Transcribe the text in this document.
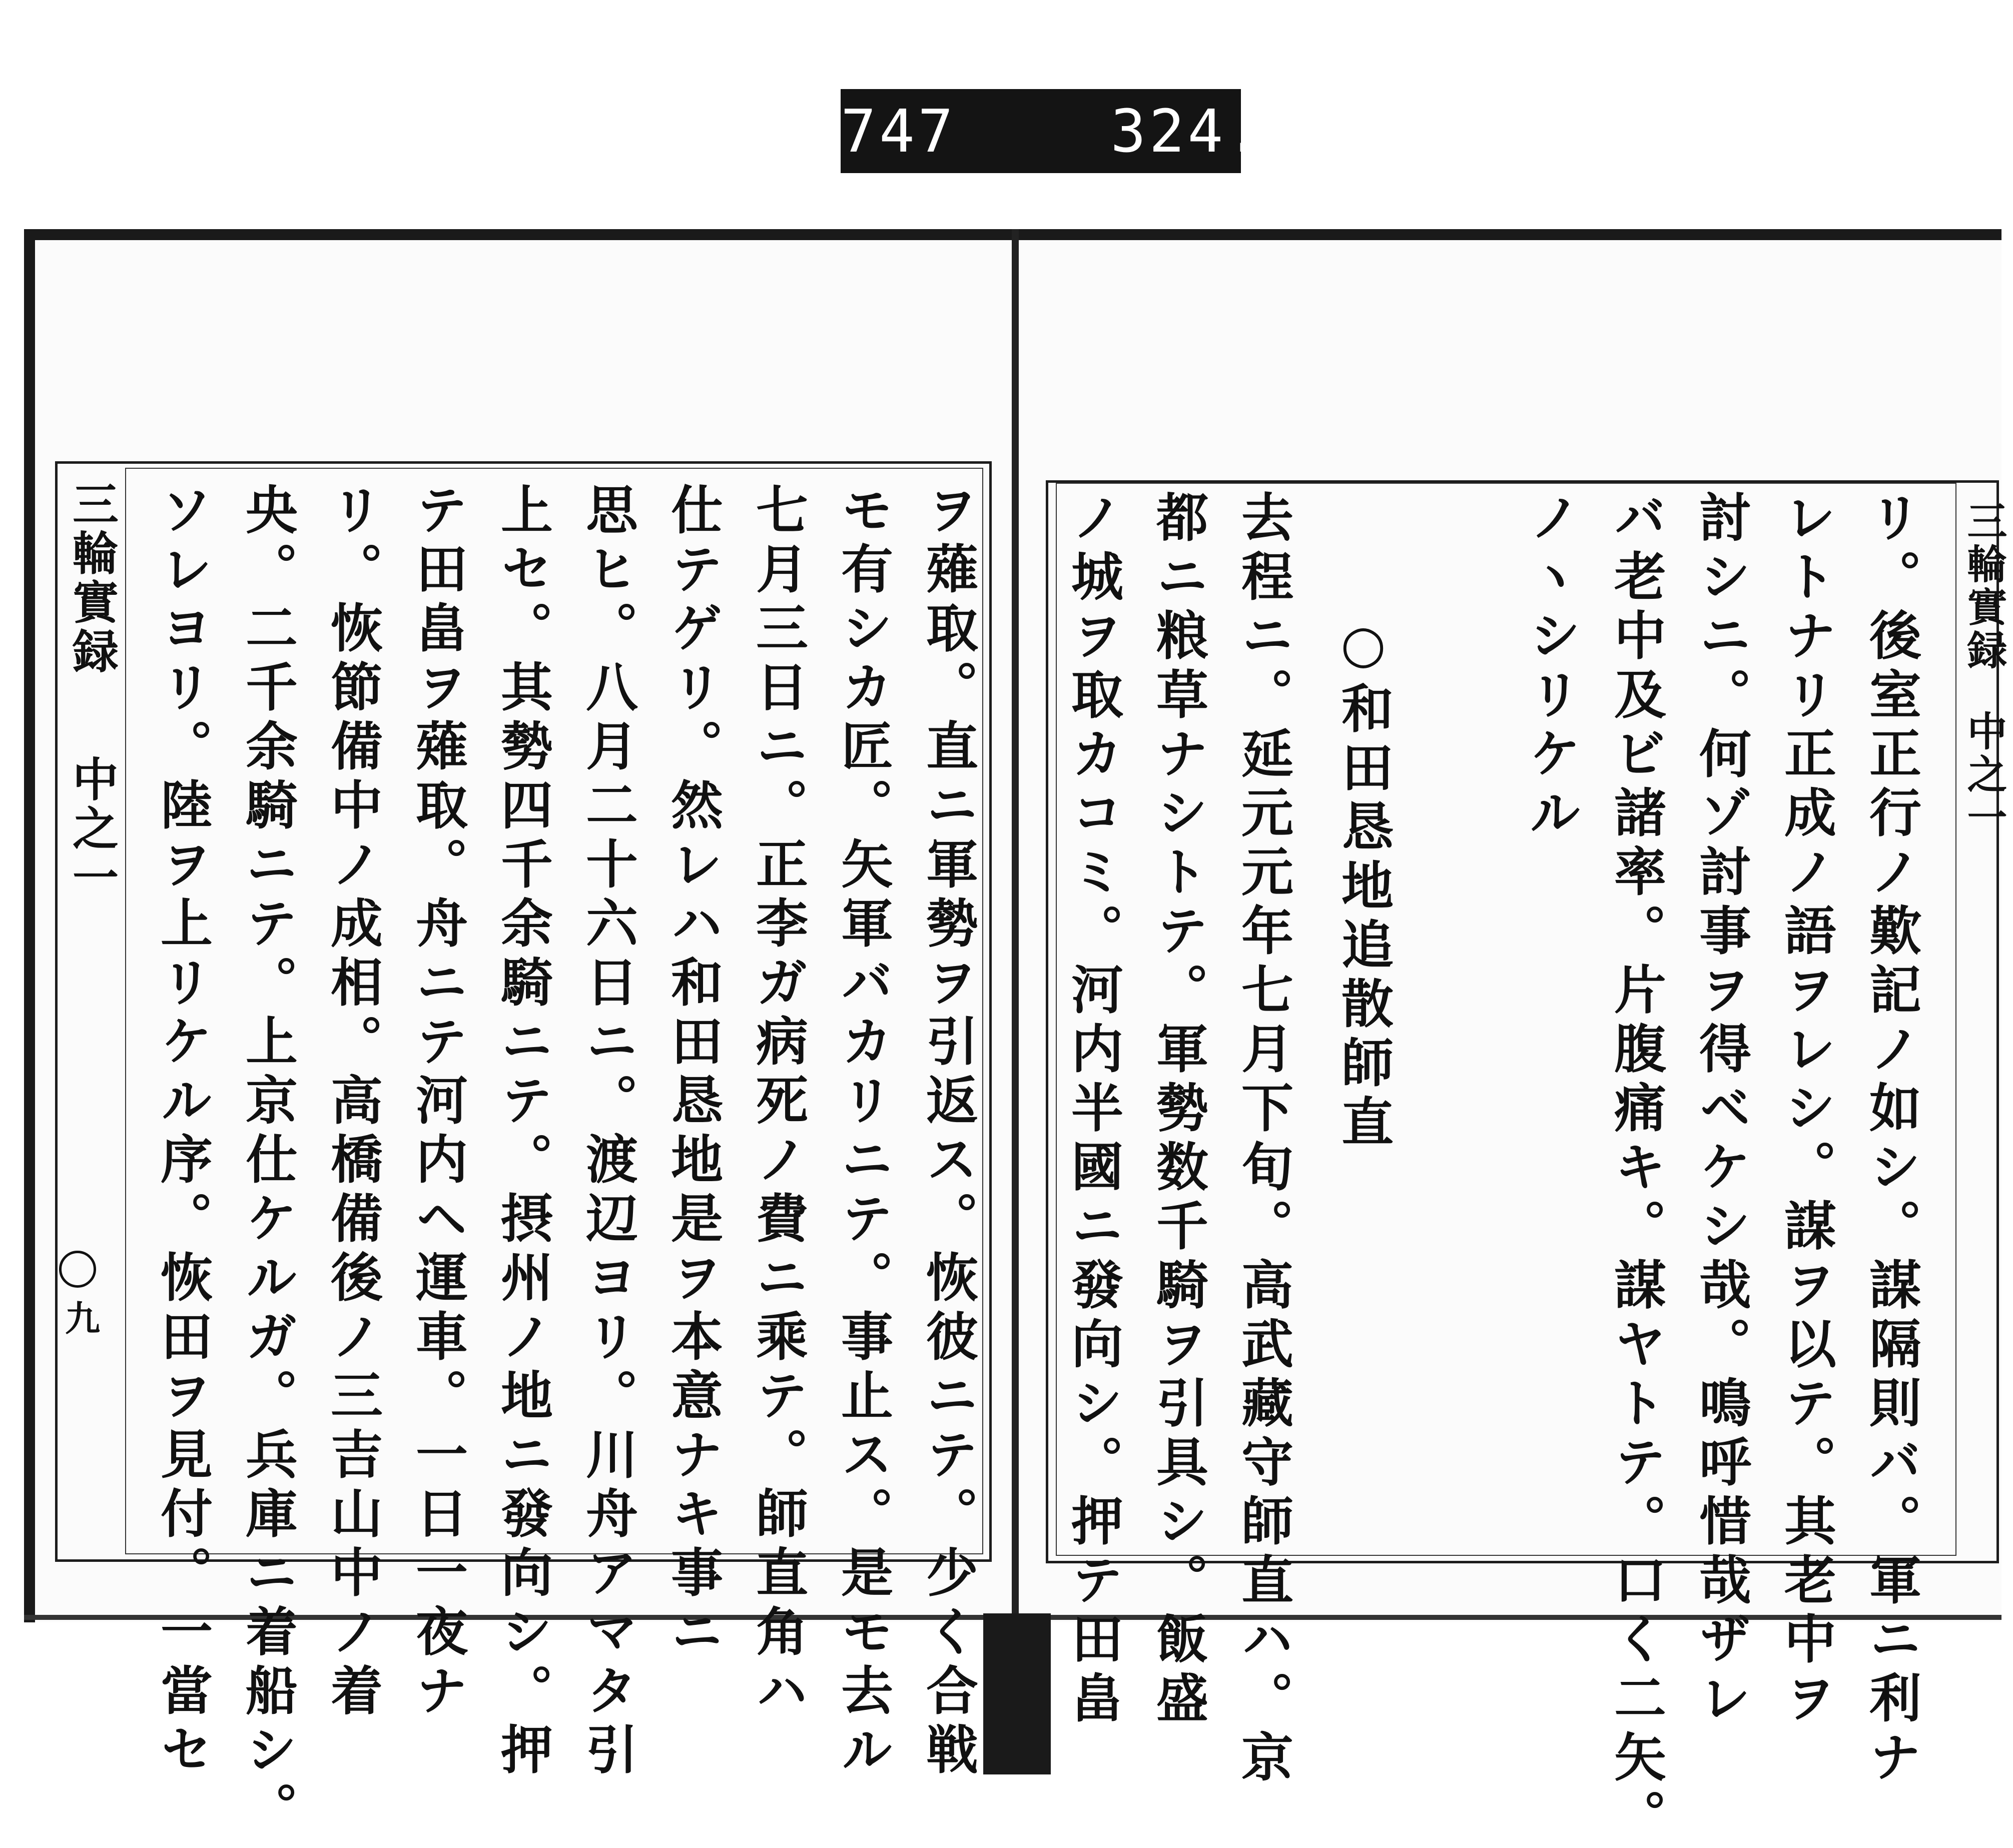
747    324.
三輪實録
中之一
九	ヲ薙取。直ニ軍勢ヲ引返ス。恢彼ニテ。少く合戦
モ有シカ匠。矢軍バカリニテ。事止ス。是モ去ル
七月三日ニ。正李ガ病死ノ費ニ乘テ。師直角ハ
仕テゲリ。然レハ和田恳地是ヲ本意ナキ事ニ
思ヒ。八月二十六日ニ。渡辺ヨリ。川舟アマタ引
上セ。其勢四千余騎ニテ。摂州ノ地ニ發向シ。押
テ田畠ヲ薙取。舟ニテ河内ヘ運車。一日一夜ナ
リ。恢節備中ノ成相。高橋備後ノ三吉山中ノ着
央。二千余騎ニテ。上京仕ケルガ。兵庫ニ着船シ。
ソレヨリ。陸ヲ上リケル序。恢田ヲ見付。一當セ	三輪實録
中之一
リ。後室正行ノ歎記ノ如シ。謀隔則バ。軍ニ利ナ
レトナリ正成ノ語ヲレシ。謀ヲ以テ。其老中ヲ
討シニ。何ゾ討事ヲ得ベケシ哉。鳴呼惜哉ザレ
バ老中及ビ諸率。片腹痛キ。謀ヤトテ。口く二矢。
ノヽシリケル
○和田恳地追散師直
去程ニ。延元元年七月下旬。高武藏守師直ハ。京
都ニ粮草ナシトテ。軍勢数千騎ヲ引具シ。飯盛
ノ城ヲ取カコミ。河内半國ニ發向シ。押テ田畠
